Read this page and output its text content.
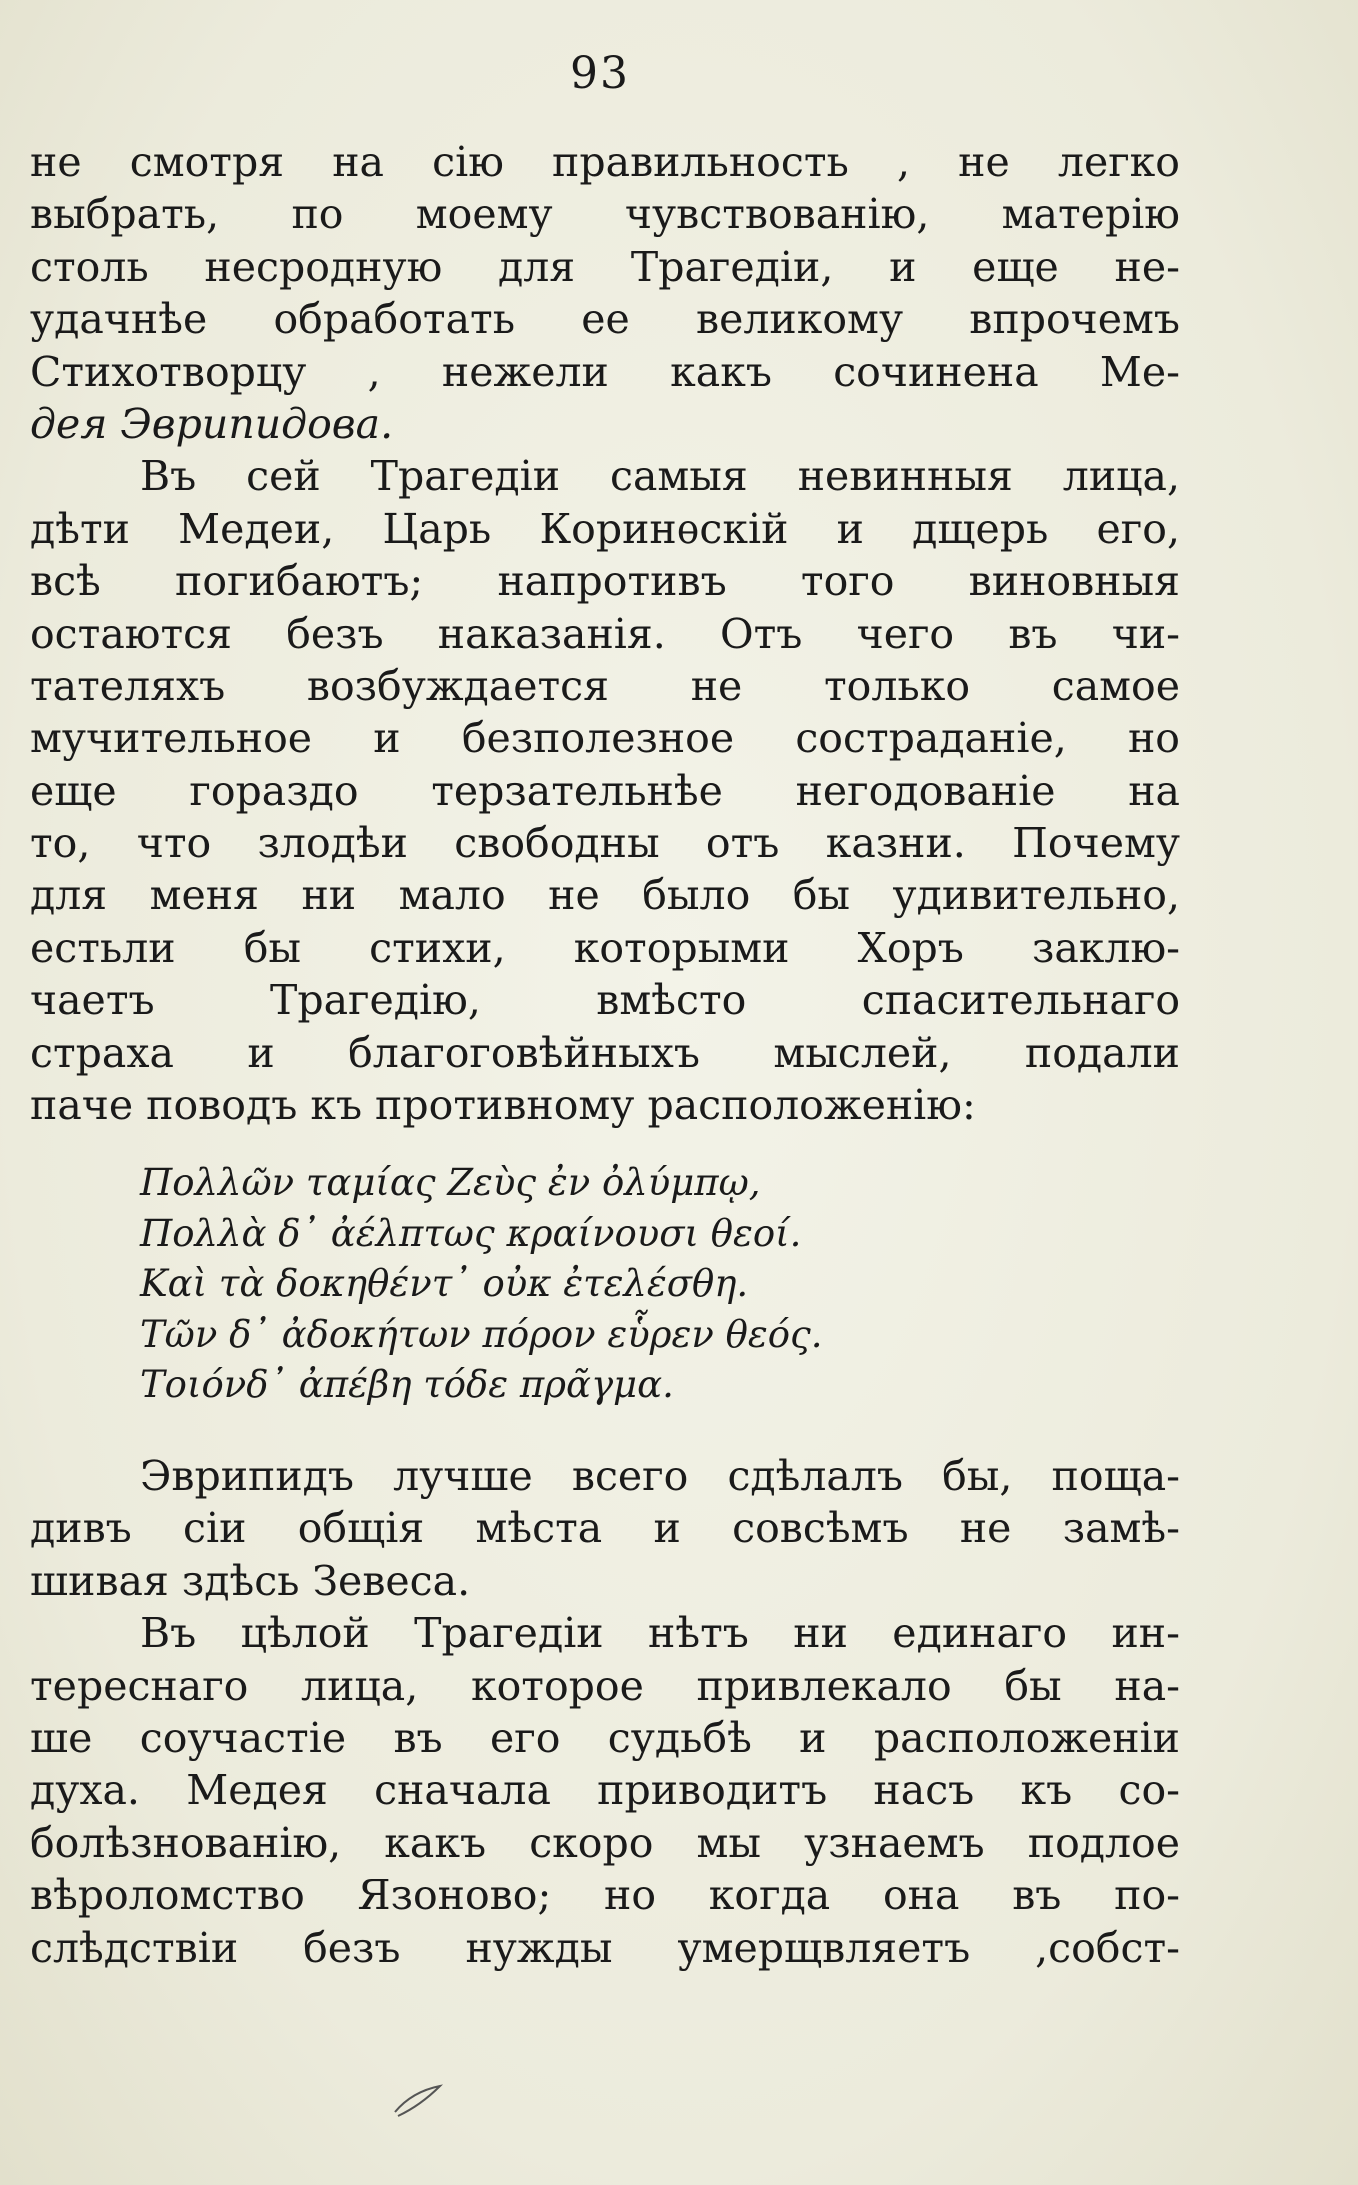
93
не смотря на сію правильность , не легко
выбрать, по моему чувствованію, матерію
столь несродную для Трагедіи, и еще не-
удачнѣе обработать ее великому впрочемъ
Стихотворцу , нежели какъ сочинена Ме-
дея Эврипидова.
Въ сей Трагедіи самыя невинныя лица,
дѣти Медеи, Царь Коринѳскій и дщерь его,
всѣ погибаютъ; напротивъ того виновныя
остаются безъ наказанія. Отъ чего въ чи-
тателяхъ возбуждается не только самое
мучительное и безполезное состраданіе, но
еще гораздо терзательнѣе негодованіе на
то, что злодѣи свободны отъ казни. Почему
для меня ни мало не было бы удивительно,
естьли бы стихи, которыми Хоръ заклю-
чаетъ Трагедію, вмѣсто спасительнаго
страха и благоговѣйныхъ мыслей, подали
паче поводъ къ противному расположенію:
Πολλῶν ταμίας Ζεὺς ἐν ὀλύμπῳ,
Πολλὰ δ᾽ ἀέλπτως κραίνουσι θεοί.
Καὶ τὰ δοκηθέντ᾽ οὐκ ἐτελέσθη.
Τῶν δ᾽ ἀδοκήτων πόρον εὗρεν θεός.
Τοιόνδ᾽ ἀπέβη τόδε πρᾶγμα.
Эврипидъ лучше всего сдѣлалъ бы, поща-
дивъ сіи общія мѣста и совсѣмъ не замѣ-
шивая здѣсь Зевеса.
Въ цѣлой Трагедіи нѣтъ ни единаго ин-
тереснаго лица, которое привлекало бы на-
ше соучастіе въ его судьбѣ и расположеніи
духа. Медея сначала приводитъ насъ къ со-
болѣзнованію, какъ скоро мы узнаемъ подлое
вѣроломство Язоново; но когда она въ по-
слѣдствіи безъ нужды умерщвляетъ ,собст-
